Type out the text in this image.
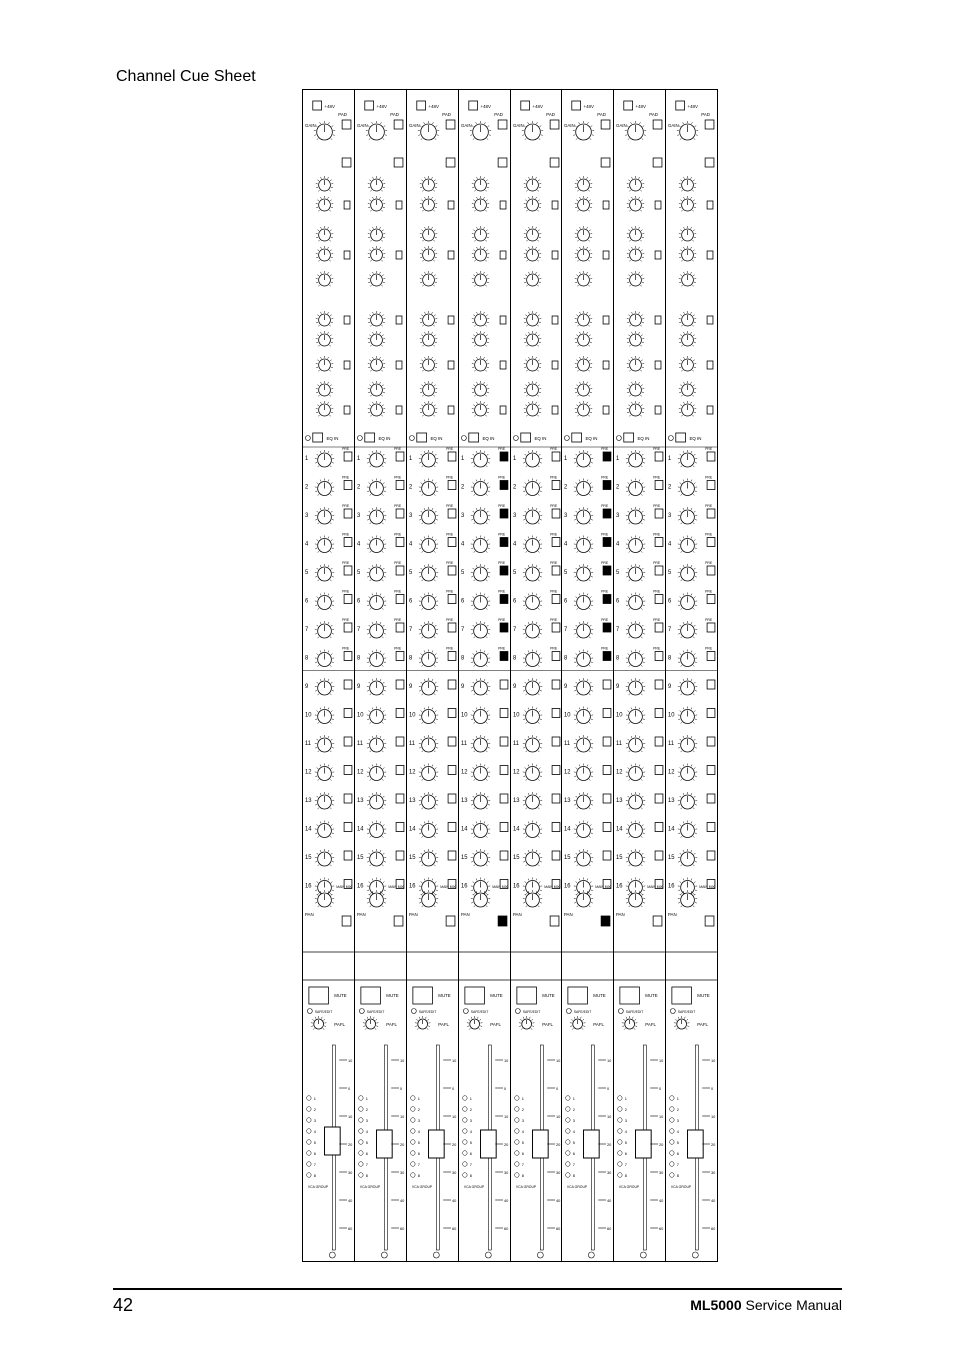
Channel Cue Sheet
+48V
PAD
GAIN
EQ IN
1
PRE
2
PRE
3
PRE
4
PRE
5
PRE
6
PRE
7
PRE
8
PRE
9
10
11
12
13
14
15
16	MAIN MIX
PAN
MUTE
SAFE/EDIT
PAFL
1
2
3
4
5
6
7
8
VCA GROUP
10
0
10
20
30
40
60
+48V
PAD
GAIN
EQ IN
1
PRE
2
PRE
3
PRE
4
PRE
5
PRE
6
PRE
7
PRE
8
PRE
9
10
11
12
13
14
15
16	MAIN MIX
PAN
MUTE
SAFE/EDIT
PAFL
1
2
3
4
5
6
7
8
VCA GROUP
10
0
10
20
30
40
60
+48V
PAD
GAIN
EQ IN
1
PRE
2
PRE
3
PRE
4
PRE
5
PRE
6
PRE
7
PRE
8
PRE
9
10
11
12
13
14
15
16	MAIN MIX
PAN
MUTE
SAFE/EDIT
PAFL
1
2
3
4
5
6
7
8
VCA GROUP
10
0
10
20
30
40
60
+48V
PAD
GAIN
EQ IN
1
PRE
2
PRE
3
PRE
4
PRE
5
PRE
6
PRE
7
PRE
8
PRE
9
10
11
12
13
14
15
16	MAIN MIX
PAN
MUTE
SAFE/EDIT
PAFL
1
2
3
4
5
6
7
8
VCA GROUP
10
0
10
20
30
40
60
+48V
PAD
GAIN
EQ IN
1
PRE
2
PRE
3
PRE
4
PRE
5
PRE
6
PRE
7
PRE
8
PRE
9
10
11
12
13
14
15
16	MAIN MIX
PAN
MUTE
SAFE/EDIT
PAFL
1
2
3
4
5
6
7
8
VCA GROUP
10
0
10
20
30
40
60
+48V
PAD
GAIN
EQ IN
1
PRE
2
PRE
3
PRE
4
PRE
5
PRE
6
PRE
7
PRE
8
PRE
9
10
11
12
13
14
15
16	MAIN MIX
PAN
MUTE
SAFE/EDIT
PAFL
1
2
3
4
5
6
7
8
VCA GROUP
10
0
10
20
30
40
60
+48V
PAD
GAIN
EQ IN
1
PRE
2
PRE
3
PRE
4
PRE
5
PRE
6
PRE
7
PRE
8
PRE
9
10
11
12
13
14
15
16	MAIN MIX
PAN
MUTE
SAFE/EDIT
PAFL
1
2
3
4
5
6
7
8
VCA GROUP
10
0
10
20
30
40
60
+48V
PAD
GAIN
EQ IN
1
PRE
2
PRE
3
PRE
4
PRE
5
PRE
6
PRE
7
PRE
8
PRE
9
10
11
12
13
14
15
16	MAIN MIX
PAN
MUTE
SAFE/EDIT
PAFL
1
2
3
4
5
6
7
8
VCA GROUP
10
0
10
20
30
40
60
42	ML5000 Service Manual
